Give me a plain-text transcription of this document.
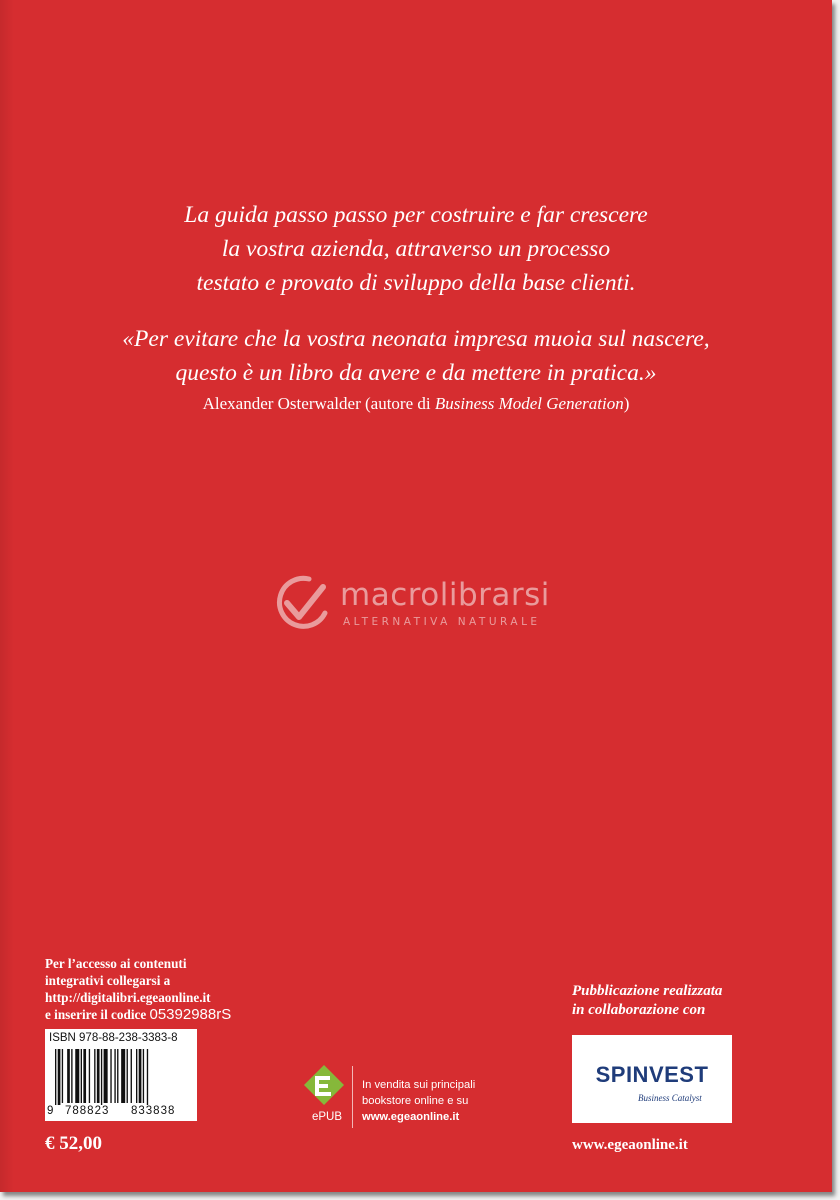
La guida passo passo per costruire e far crescere
la vostra azienda, attraverso un processo
testato e provato di sviluppo della base clienti.
«Per evitare che la vostra neonata impresa muoia sul nascere,
questo è un libro da avere e da mettere in pratica.»
Alexander Osterwalder (autore di Business Model Generation)
macrolibrarsi
ALTERNATIVA NATURALE
Per l’accesso ai contenuti
integrativi collegarsi a
http://digitalibri.egeaonline.it
e inserire il codice 05392988rS
ISBN 978-88-238-3383-8
9 788823 833838
€ 52,00
ePUB
In vendita sui principali
bookstore online e su
www.egeaonline.it
Pubblicazione realizzata
in collaborazione con
SPINVEST
Business Catalyst
www.egeaonline.it
